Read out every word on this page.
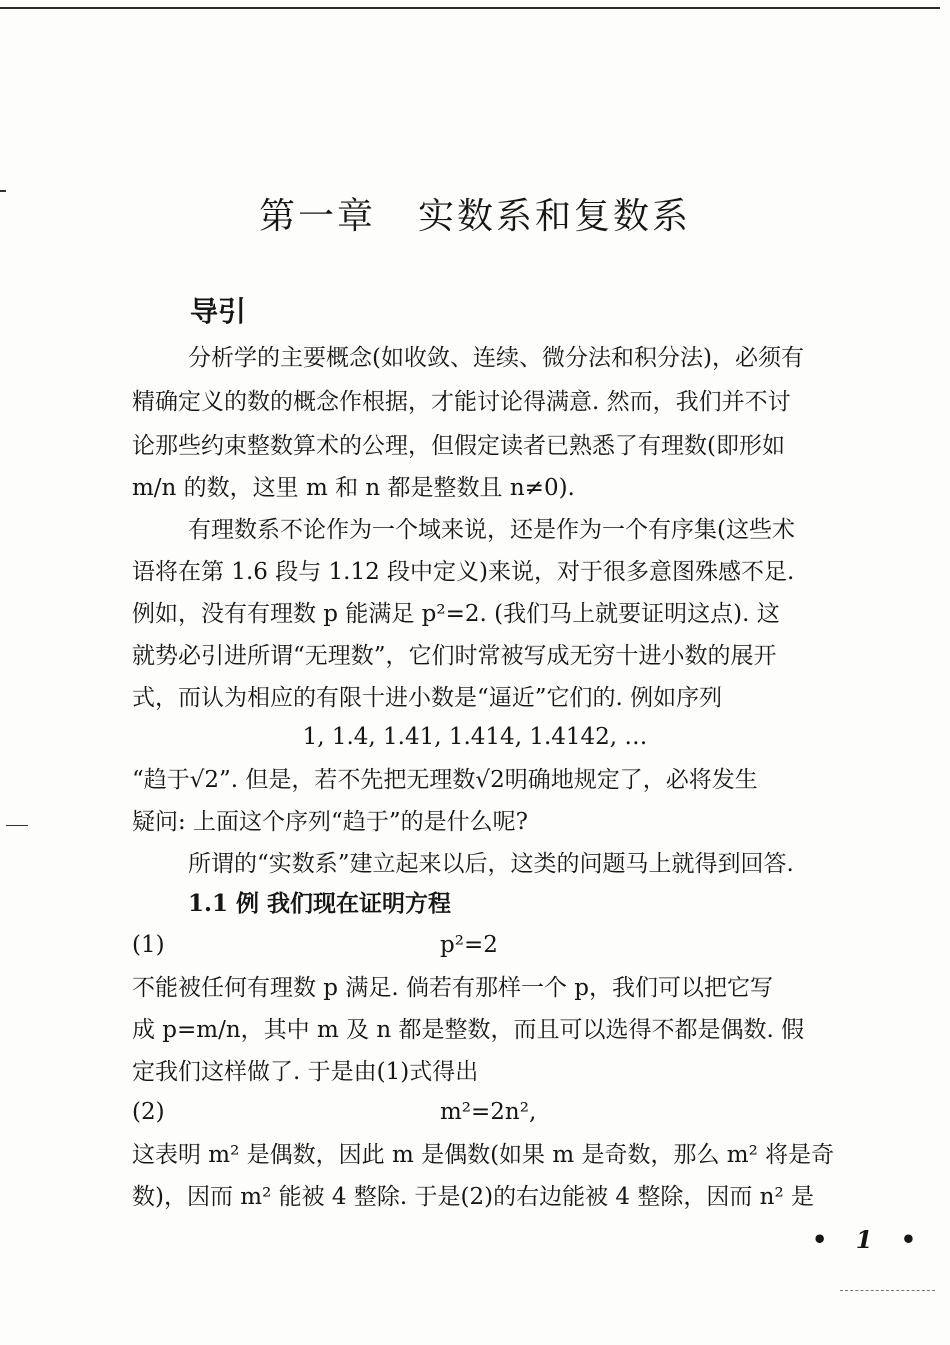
第一章 实数系和复数系
导引
分析学的主要概念(如收敛、连续、微分法和积分法)，必须有
精确定义的数的概念作根据，才能讨论得满意. 然而，我们并不讨
论那些约束整数算术的公理，但假定读者已熟悉了有理数(即形如
m/n 的数，这里 m 和 n 都是整数且 n≠0).
有理数系不论作为一个域来说，还是作为一个有序集(这些术
语将在第 1.6 段与 1.12 段中定义)来说，对于很多意图殊感不足.
例如，没有有理数 p 能满足 p²=2. (我们马上就要证明这点). 这
就势必引进所谓“无理数”，它们时常被写成无穷十进小数的展开
式，而认为相应的有限十进小数是“逼近”它们的. 例如序列
1, 1.4, 1.41, 1.414, 1.4142, …
“趋于√2”. 但是，若不先把无理数√2明确地规定了，必将发生
疑问: 上面这个序列“趋于”的是什么呢?
所谓的“实数系”建立起来以后，这类的问题马上就得到回答.
1.1 例 我们现在证明方程
(1)	p²=2
不能被任何有理数 p 满足. 倘若有那样一个 p，我们可以把它写
成 p=m/n，其中 m 及 n 都是整数，而且可以选得不都是偶数. 假
定我们这样做了. 于是由(1)式得出
(2)	m²=2n²,
这表明 m² 是偶数，因此 m 是偶数(如果 m 是奇数，那么 m² 将是奇
数)，因而 m² 能被 4 整除. 于是(2)的右边能被 4 整除，因而 n² 是
• 1 •
